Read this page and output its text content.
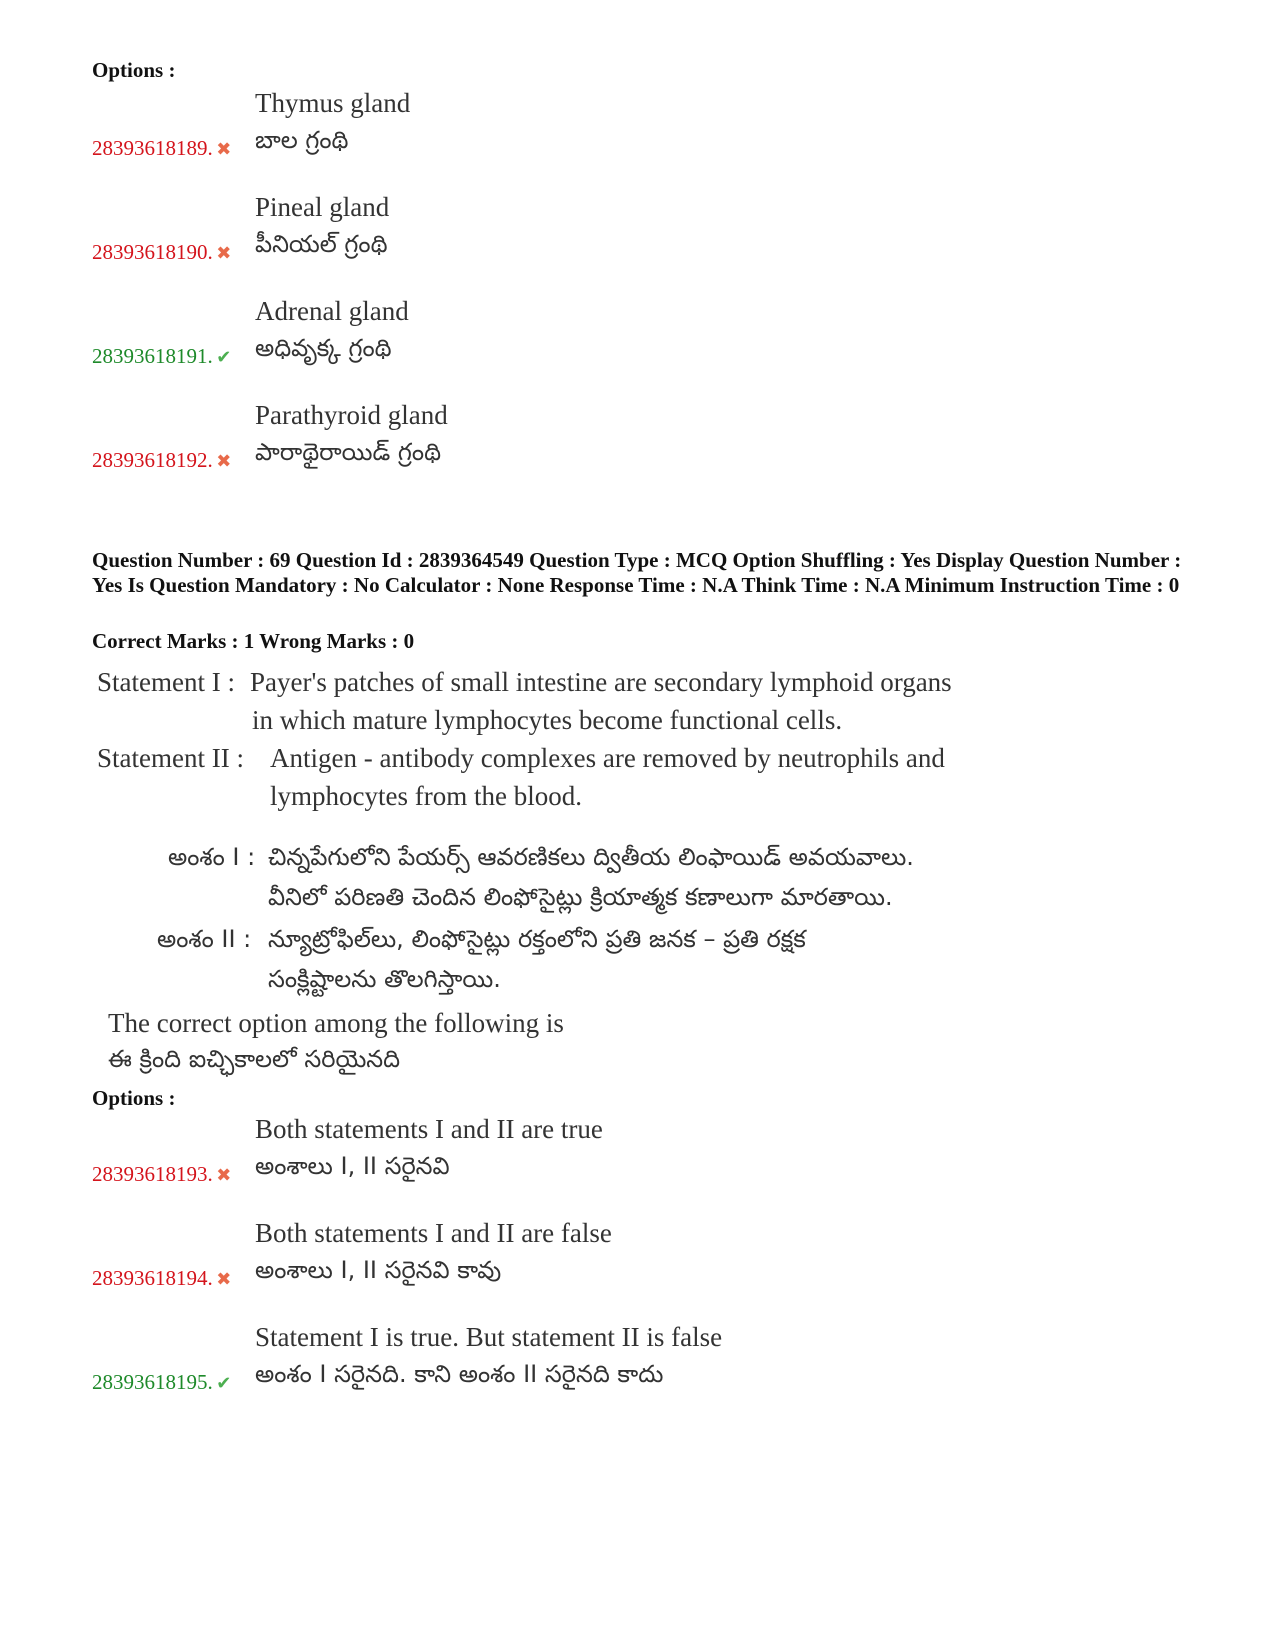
Options :
Thymus gland
బాల గ్రంథి
28393618189. ✖
Pineal gland
పీనియల్ గ్రంథి
28393618190. ✖
Adrenal gland
అధివృక్క గ్రంథి
28393618191. ✔
Parathyroid gland
పారాథైరాయిడ్ గ్రంథి
28393618192. ✖
Question Number : 69 Question Id : 2839364549 Question Type : MCQ Option Shuffling : Yes Display Question Number : Yes Is Question Mandatory : No Calculator : None Response Time : N.A Think Time : N.A Minimum Instruction Time : 0
Correct Marks : 1 Wrong Marks : 0
Statement I : Payer's patches of small intestine are secondary lymphoid organs
in which mature lymphocytes become functional cells.
Statement II : Antigen - antibody complexes are removed by neutrophils and
lymphocytes from the blood.
అంశం I : చిన్నపేగులోని పేయర్స్ ఆవరణికలు ద్వితీయ లింఫాయిడ్ అవయవాలు.
వీనిలో పరిణతి చెందిన లింఫోసైట్లు క్రియాత్మక కణాలుగా మారతాయి.
అంశం II : న్యూట్రోఫిల్‌లు, లింఫోసైట్లు రక్తంలోని ప్రతి జనక – ప్రతి రక్షక
సంక్లిష్టాలను తొలగిస్తాయి.
The correct option among the following is
ఈ క్రింది ఐచ్ఛికాలలో సరియైనది
Options :
Both statements I and II are true
అంశాలు I, II సరైనవి
28393618193. ✖
Both statements I and II are false
అంశాలు I, II సరైనవి కావు
28393618194. ✖
Statement I is true. But statement II is false
అంశం I సరైనది. కాని అంశం II సరైనది కాదు
28393618195. ✔
